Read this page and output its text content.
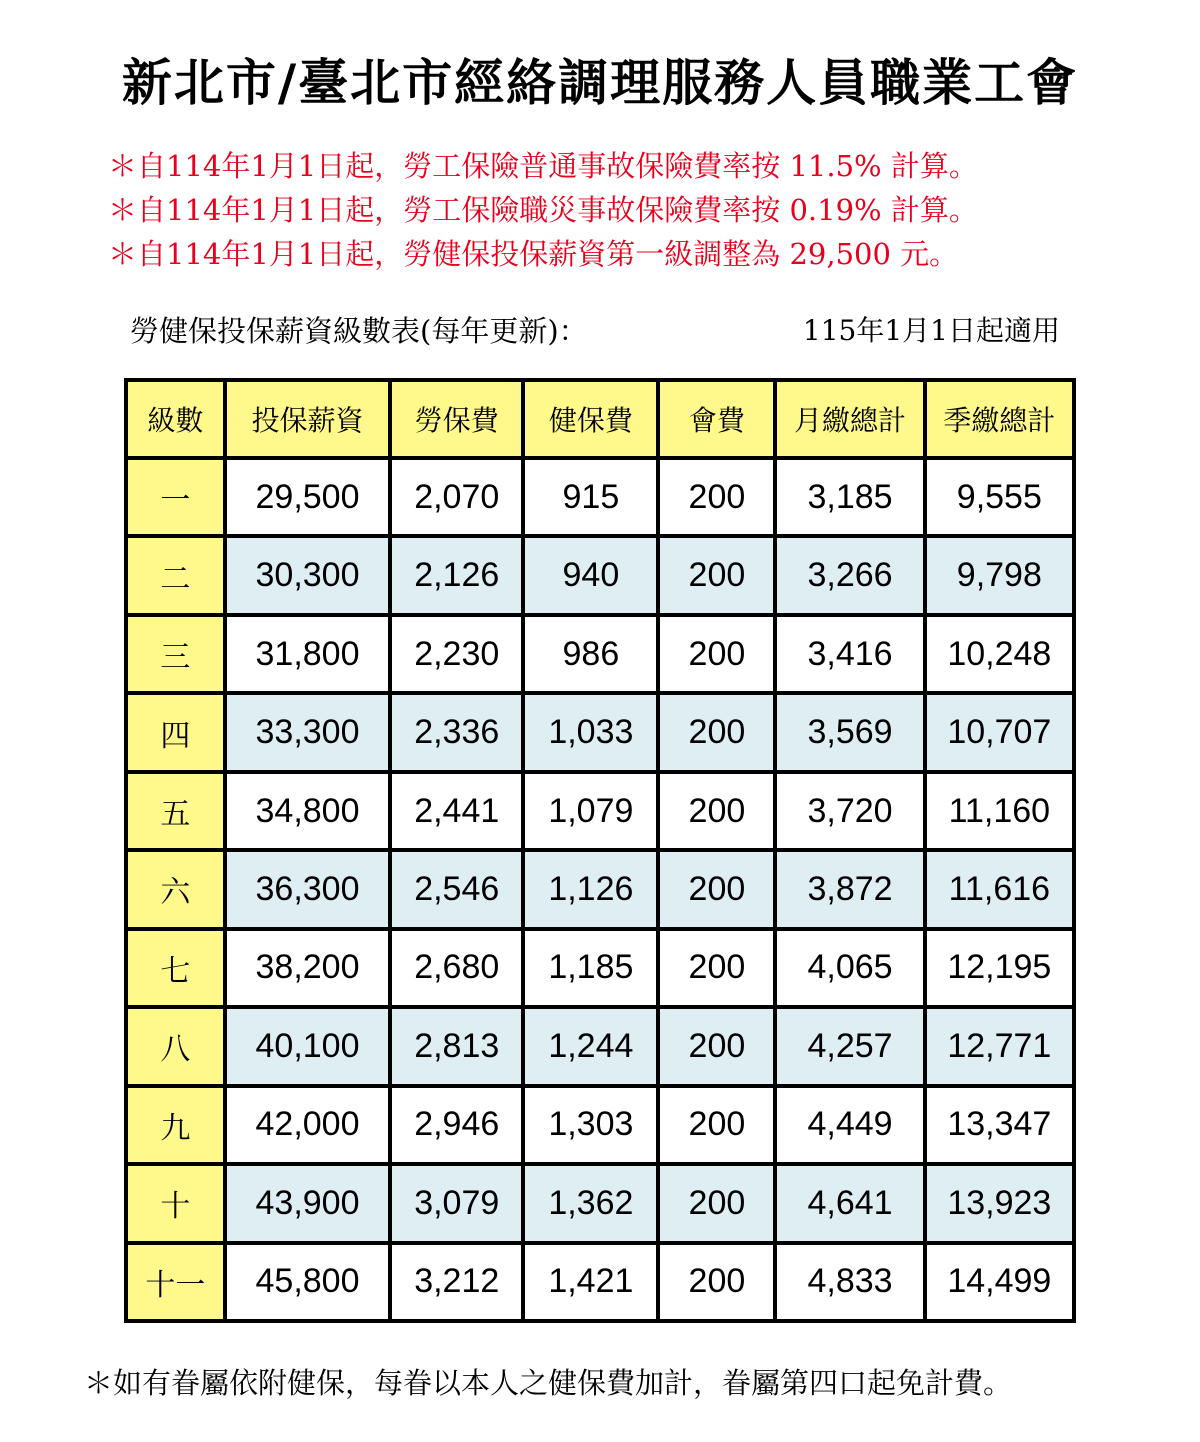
新北市/臺北市經絡調理服務人員職業工會
＊自114年1月1日起，勞工保險普通事故保險費率按 11.5% 計算。
＊自114年1月1日起，勞工保險職災事故保險費率按 0.19% 計算。
＊自114年1月1日起，勞健保投保薪資第一級調整為 29,500 元。
勞健保投保薪資級數表(每年更新)：	115年1月1日起適用
級數	投保薪資	勞保費	健保費	會費	月繳總計	季繳總計
一	29,500	2,070	915	200	3,185	9,555
二	30,300	2,126	940	200	3,266	9,798
三	31,800	2,230	986	200	3,416	10,248
四	33,300	2,336	1,033	200	3,569	10,707
五	34,800	2,441	1,079	200	3,720	11,160
六	36,300	2,546	1,126	200	3,872	11,616
七	38,200	2,680	1,185	200	4,065	12,195
八	40,100	2,813	1,244	200	4,257	12,771
九	42,000	2,946	1,303	200	4,449	13,347
十	43,900	3,079	1,362	200	4,641	13,923
十一	45,800	3,212	1,421	200	4,833	14,499
＊如有眷屬依附健保，每眷以本人之健保費加計，眷屬第四口起免計費。
